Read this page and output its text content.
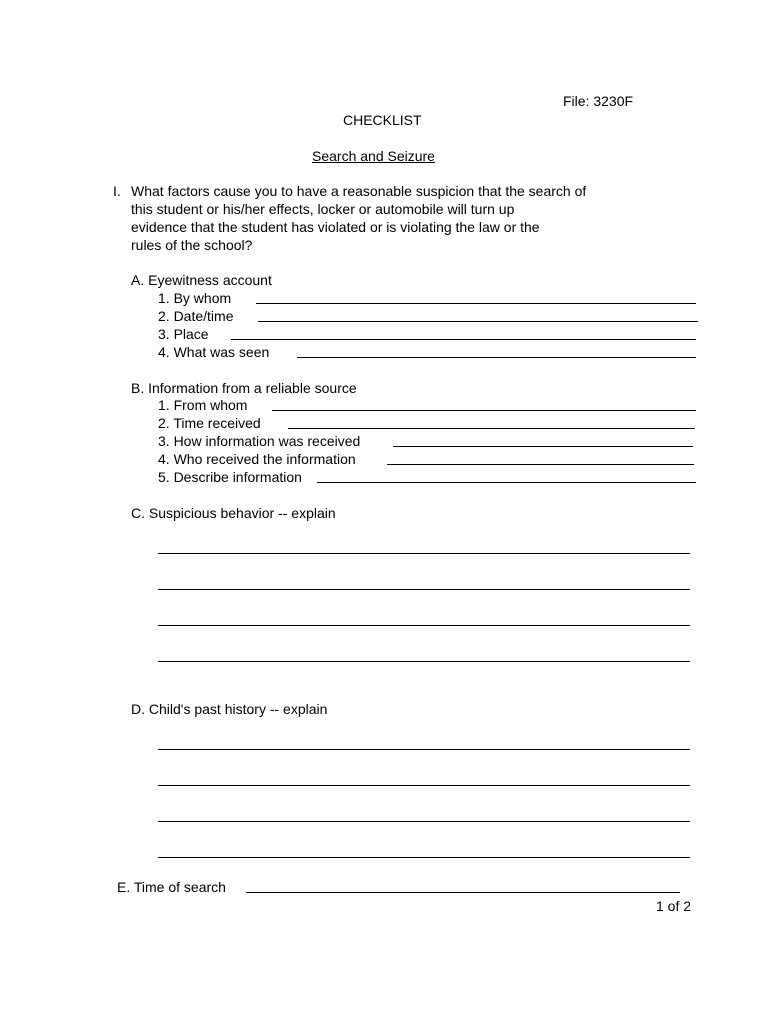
File: 3230F
CHECKLIST
Search and Seizure
I. What factors cause you to have a reasonable suspicion that the search of
this student or his/her effects, locker or automobile will turn up
evidence that the student has violated or is violating the law or the
rules of the school?
A. Eyewitness account
1. By whom
2. Date/time
3. Place
4. What was seen
B. Information from a reliable source
1. From whom
2. Time received
3. How information was received
4. Who received the information
5. Describe information
C. Suspicious behavior -- explain
D. Child's past history -- explain
E. Time of search
1 of 2
